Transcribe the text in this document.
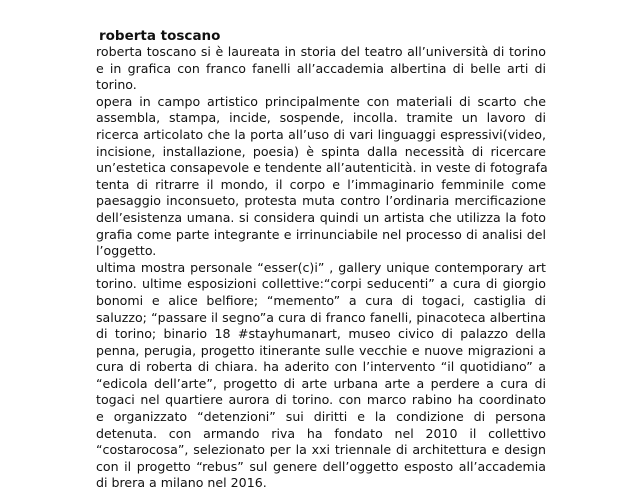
roberta toscano
roberta toscano si è laureata in storia del teatro all’università di torino
e in grafica con franco fanelli all’accademia albertina di belle arti di
torino.
opera in campo artistico principalmente con materiali di scarto che
assembla, stampa, incide, sospende, incolla. tramite un lavoro di
ricerca articolato che la porta all’uso di vari linguaggi espressivi(video,
incisione, installazione, poesia) è spinta dalla necessità di ricercare
un’estetica consapevole e tendente all’autenticità. in veste di fotografa
tenta di ritrarre il mondo, il corpo e l’immaginario femminile come
paesaggio inconsueto, protesta muta contro l’ordinaria mercificazione
dell’esistenza umana. si considera quindi un artista che utilizza la foto
grafia come parte integrante e irrinunciabile nel processo di analisi del
l’oggetto.
ultima mostra personale “esser(c)i” , gallery unique contemporary art
torino. ultime esposizioni collettive:“corpi seducenti” a cura di giorgio
bonomi e alice belfiore; “memento” a cura di togaci, castiglia di
saluzzo; “passare il segno”a cura di franco fanelli, pinacoteca albertina
di torino; binario 18 #stayhumanart, museo civico di palazzo della
penna, perugia, progetto itinerante sulle vecchie e nuove migrazioni a
cura di roberta di chiara. ha aderito con l’intervento “il quotidiano” a
“edicola dell’arte”, progetto di arte urbana arte a perdere a cura di
togaci nel quartiere aurora di torino. con marco rabino ha coordinato
e organizzato “detenzioni” sui diritti e la condizione di persona
detenuta. con armando riva ha fondato nel 2010 il collettivo
“costarocosa”, selezionato per la xxi triennale di architettura e design
con il progetto “rebus” sul genere dell’oggetto esposto all’accademia
di brera a milano nel 2016.
